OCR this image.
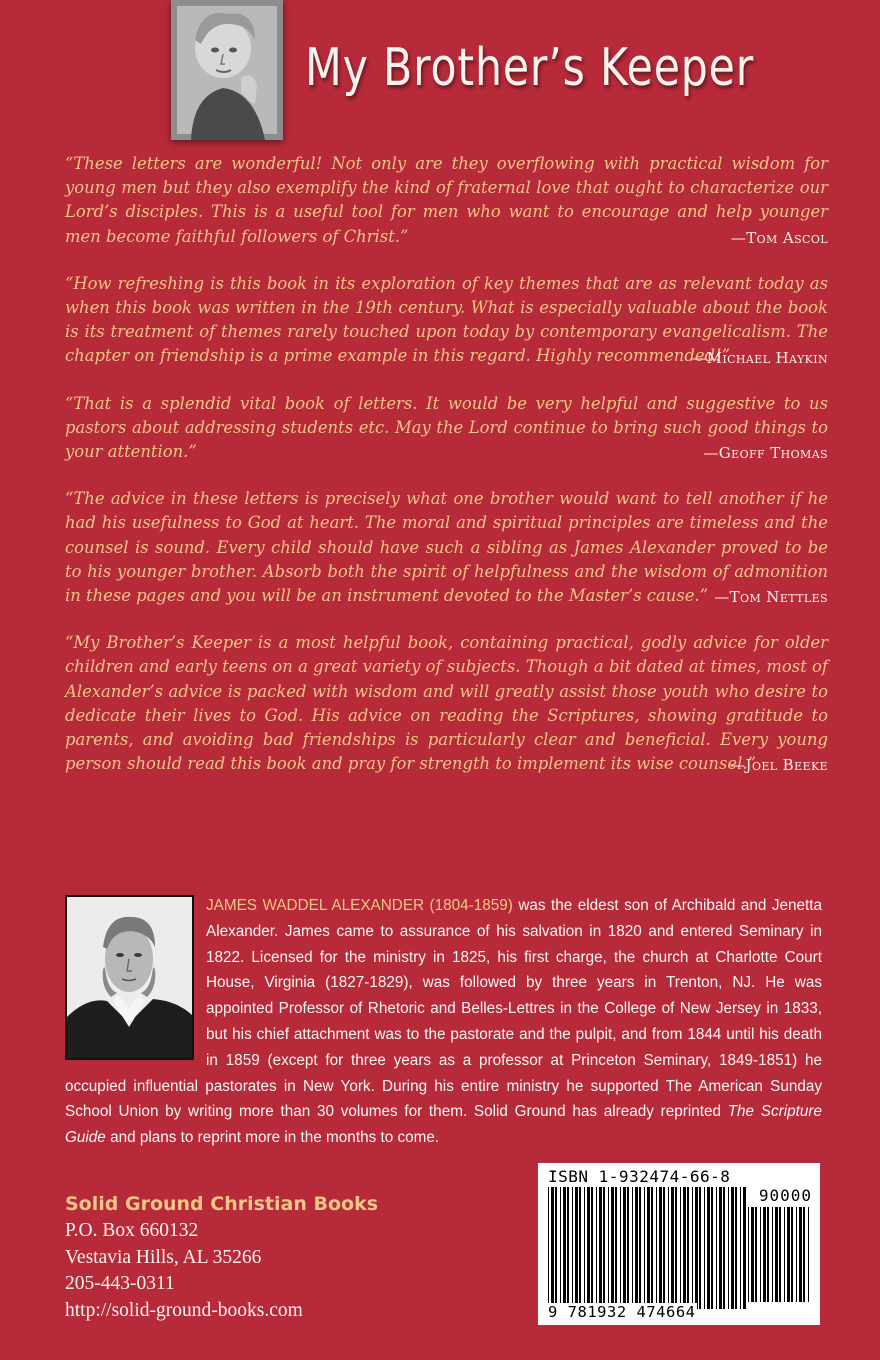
My Brother’s Keeper

“These letters are wonderful! Not only are they overflowing with practical wisdom for young men but they also exemplify the kind of fraternal love that ought to characterize our Lord’s disciples. This is a useful tool for men who want to encourage and help younger men become faithful followers of Christ.”	—Tom Ascol

“How refreshing is this book in its exploration of key themes that are as relevant today as when this book was written in the 19th century. What is especially valuable about the book is its treatment of themes rarely touched upon today by contemporary evangelicalism. The chapter on friendship is a prime example in this regard. Highly recommended!”

—Michael Haykin

“That is a splendid vital book of letters. It would be very helpful and suggestive to us pastors about addressing students etc. May the Lord continue to bring such good things to your attention.”	—Geoff Thomas

“The advice in these letters is precisely what one brother would want to tell another if he had his usefulness to God at heart. The moral and spiritual principles are timeless and the counsel is sound. Every child should have such a sibling as James Alexander proved to be to his younger brother. Absorb both the spirit of helpfulness and the wisdom of admonition in these pages and you will be an instrument devoted to the Master’s cause.” —Tom Nettles

“My Brother’s Keeper is a most helpful book, containing practical, godly advice for older children and early teens on a great variety of subjects. Though a bit dated at times, most of Alexander’s advice is packed with wisdom and will greatly assist those youth who desire to dedicate their lives to God. His advice on reading the Scriptures, showing gratitude to parents, and avoiding bad friendships is particularly clear and beneficial. Every young person should read this book and pray for strength to implement its wise counsel.”

—Joel Beeke

JAMES WADDEL ALEXANDER (1804-1859) was the eldest son of Archibald and Jenetta Alexander. James came to assurance of his salvation in 1820 and entered Seminary in 1822. Licensed for the ministry in 1825, his first charge, the church at Charlotte Court House, Virginia (1827-1829), was followed by three years in Trenton, NJ. He was appointed Professor of Rhetoric and Belles-Lettres in the College of New Jersey in 1833, but his chief attachment was to the pastorate and the pulpit, and from 1844 until his death in 1859 (except for three years as a professor at Princeton Seminary, 1849-1851) he occupied influential pastorates in New York. During his entire ministry he supported The American Sunday School Union by writing more than 30 volumes for them. Solid Ground has already reprinted The Scripture Guide and plans to reprint more in the months to come.

Solid Ground Christian Books
P.O. Box 660132
Vestavia Hills, AL 35266
205-443-0311
http://solid-ground-books.com
ISBN 1-932474-66-8
90000
9 781932 474664
